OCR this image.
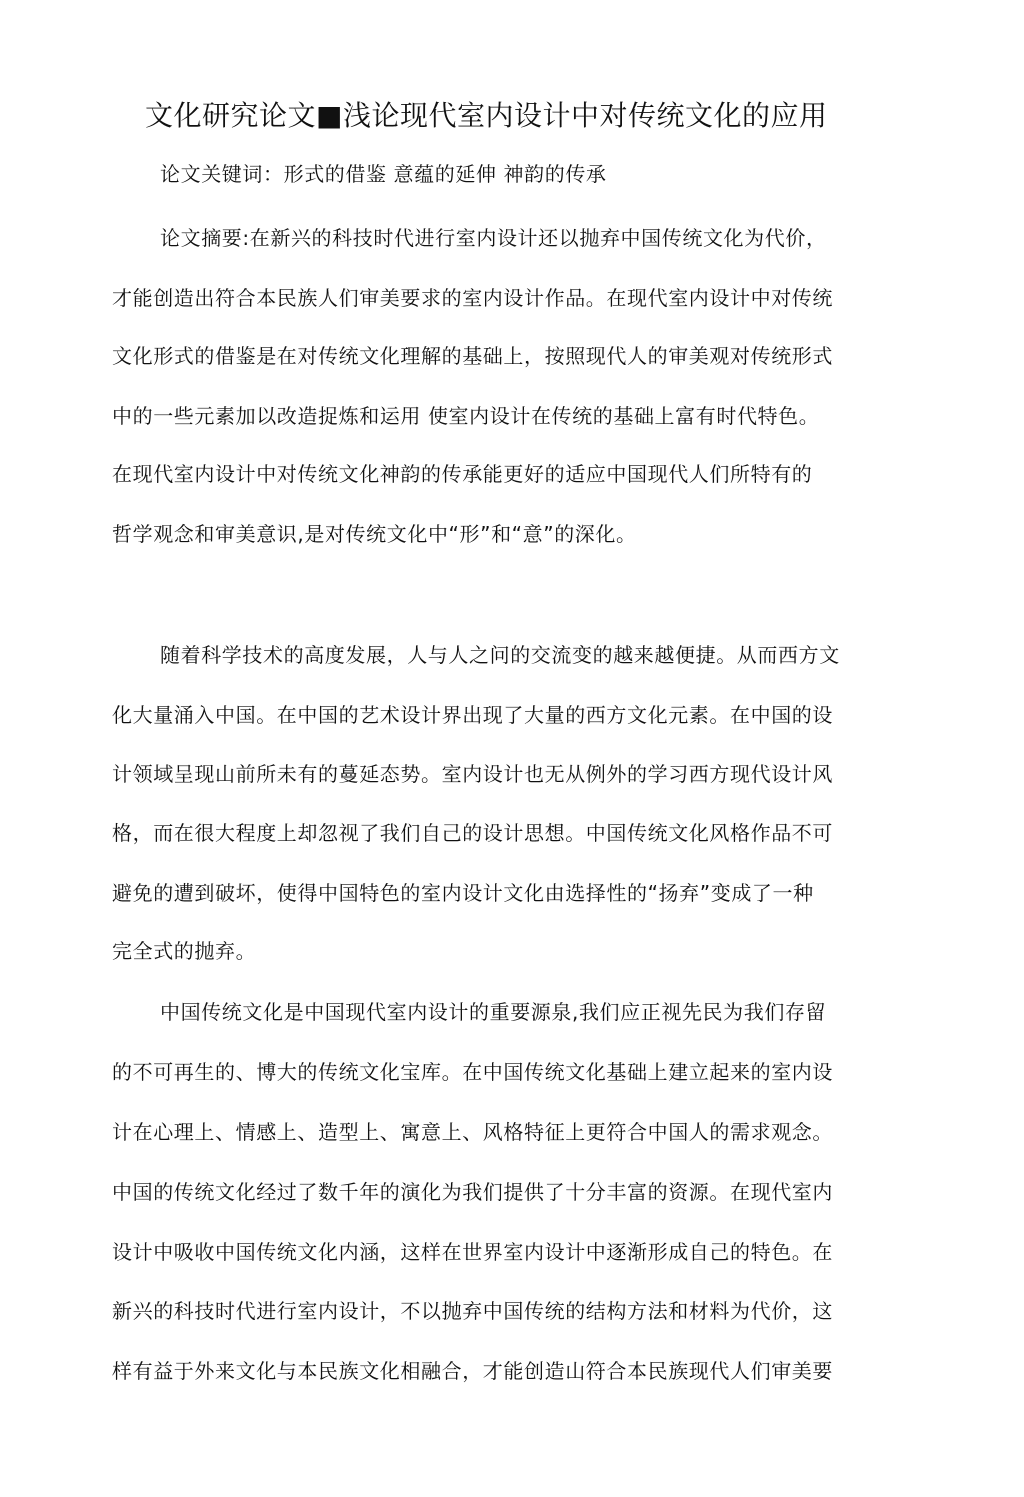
文化研究论文■浅论现代室内设计中对传统文化的应用
论文关键词：形式的借鉴 意蕴的延伸 神韵的传承
论文摘要:在新兴的科技时代进行室内设计还以抛弃中国传统文化为代价，
才能创造出符合本民族人们审美要求的室内设计作品。在现代室内设计中对传统
文化形式的借鉴是在对传统文化理解的基础上，按照现代人的审美观对传统形式
中的一些元素加以改造捉炼和运用 使室内设计在传统的基础上富有时代特色。
在现代室内设计中对传统文化神韵的传承能更好的适应中国现代人们所特有的
哲学观念和审美意识,是对传统文化中“形”和“意”的深化。
随着科学技术的高度发展，人与人之问的交流变的越来越便捷。从而西方文
化大量涌入中国。在中国的艺术设计界出现了大量的西方文化元素。在中国的设
计领域呈现山前所未有的蔓延态势。室内设计也无从例外的学习西方现代设计风
格，而在很大程度上却忽视了我们自己的设计思想。中国传统文化风格作品不可
避免的遭到破坏，使得中国特色的室内设计文化由选择性的“扬弃”变成了一种
完全式的抛弃。
中国传统文化是中国现代室内设计的重要源泉,我们应正视先民为我们存留
的不可再生的、博大的传统文化宝库。在中国传统文化基础上建立起来的室内设
计在心理上、情感上、造型上、寓意上、风格特征上更符合中国人的需求观念。
中国的传统文化经过了数千年的演化为我们提供了十分丰富的资源。在现代室内
设计中吸收中国传统文化内涵，这样在世界室内设计中逐渐形成自己的特色。在
新兴的科技时代进行室内设计，不以抛弃中国传统的结构方法和材料为代价，这
样有益于外来文化与本民族文化相融合，才能创造山符合本民族现代人们审美要
